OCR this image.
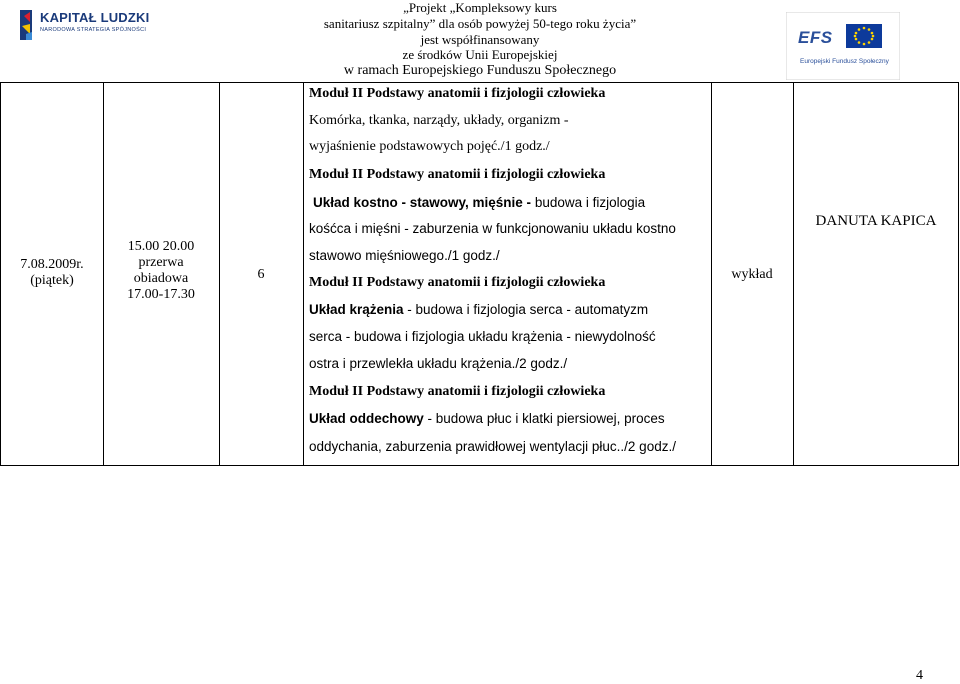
KAPITAŁ LUDZKI
NARODOWA STRATEGIA SPÓJNOŚCI
„Projekt „Kompleksowy kurs
sanitariusz szpitalny” dla osób powyżej 50-tego roku życia”
jest współfinansowany
ze środków Unii Europejskiej
w ramach Europejskiego Funduszu Społecznego
EFS
Europejski Fundusz Społeczny
7.08.2009r.
(piątek)
15.00 20.00
przerwa
obiadowa
17.00-17.30
6
Moduł II Podstawy anatomii i fizjologii człowieka
Komórka, tkanka, narządy, układy, organizm -
wyjaśnienie podstawowych pojęć./1 godz./
Moduł II Podstawy anatomii i fizjologii człowieka
Układ kostno - stawowy, mięśnie - budowa i fizjologia
kośćca i mięśni - zaburzenia w funkcjonowaniu układu kostno
stawowo mięśniowego./1 godz./
Moduł II Podstawy anatomii i fizjologii człowieka
Układ krążenia - budowa i fizjologia serca - automatyzm
serca - budowa i fizjologia układu krążenia - niewydolność
ostra i przewlekła układu krążenia./2 godz./
Moduł II Podstawy anatomii i fizjologii człowieka
Układ oddechowy - budowa płuc i klatki piersiowej, proces
oddychania, zaburzenia prawidłowej wentylacji płuc../2 godz./
wykład
DANUTA KAPICA
4
